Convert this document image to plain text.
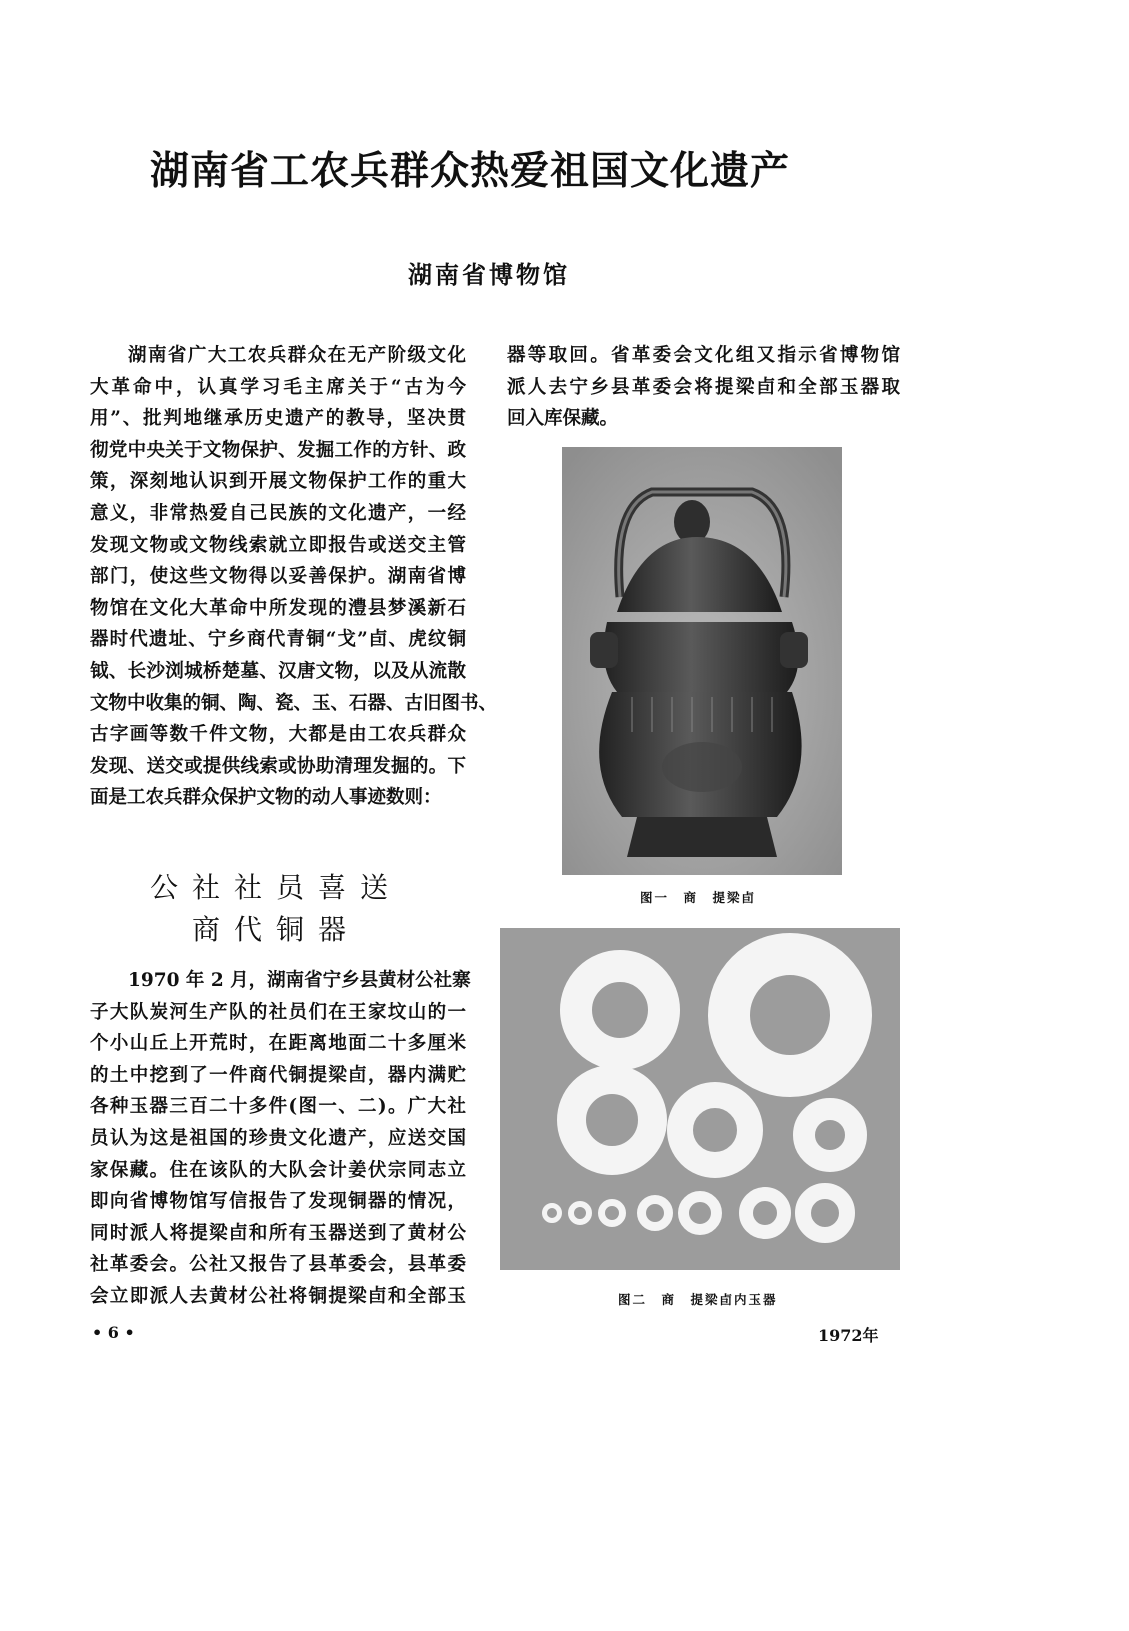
湖南省工农兵群众热爱祖国文化遗产
湖南省博物馆
湖南省广大工农兵群众在无产阶级文化
大革命中，认真学习毛主席关于“古为今
用”、批判地继承历史遗产的教导，坚决贯
彻党中央关于文物保护、发掘工作的方针、政
策，深刻地认识到开展文物保护工作的重大
意义，非常热爱自己民族的文化遗产，一经
发现文物或文物线索就立即报告或送交主管
部门，使这些文物得以妥善保护。湖南省博
物馆在文化大革命中所发现的澧县梦溪新石
器时代遗址、宁乡商代青铜“戈”卣、虎纹铜
钺、长沙浏城桥楚墓、汉唐文物，以及从流散
文物中收集的铜、陶、瓷、玉、石器、古旧图书、
古字画等数千件文物，大都是由工农兵群众
发现、送交或提供线索或协助清理发掘的。下
面是工农兵群众保护文物的动人事迹数则：
公社社员喜送
商代铜器
1970 年 2 月，湖南省宁乡县黄材公社寨
子大队炭河生产队的社员们在王家坟山的一
个小山丘上开荒时，在距离地面二十多厘米
的土中挖到了一件商代铜提梁卣，器内满贮
各种玉器三百二十多件(图一、二)。广大社
员认为这是祖国的珍贵文化遗产，应送交国
家保藏。住在该队的大队会计姜伏宗同志立
即向省博物馆写信报告了发现铜器的情况，
同时派人将提梁卣和所有玉器送到了黄材公
社革委会。公社又报告了县革委会，县革委
会立即派人去黄材公社将铜提梁卣和全部玉
器等取回。省革委会文化组又指示省博物馆
派人去宁乡县革委会将提梁卣和全部玉器取
回入库保藏。
图一　商　提梁卣
图二　商　提梁卣内玉器
• 6 •	1972年
